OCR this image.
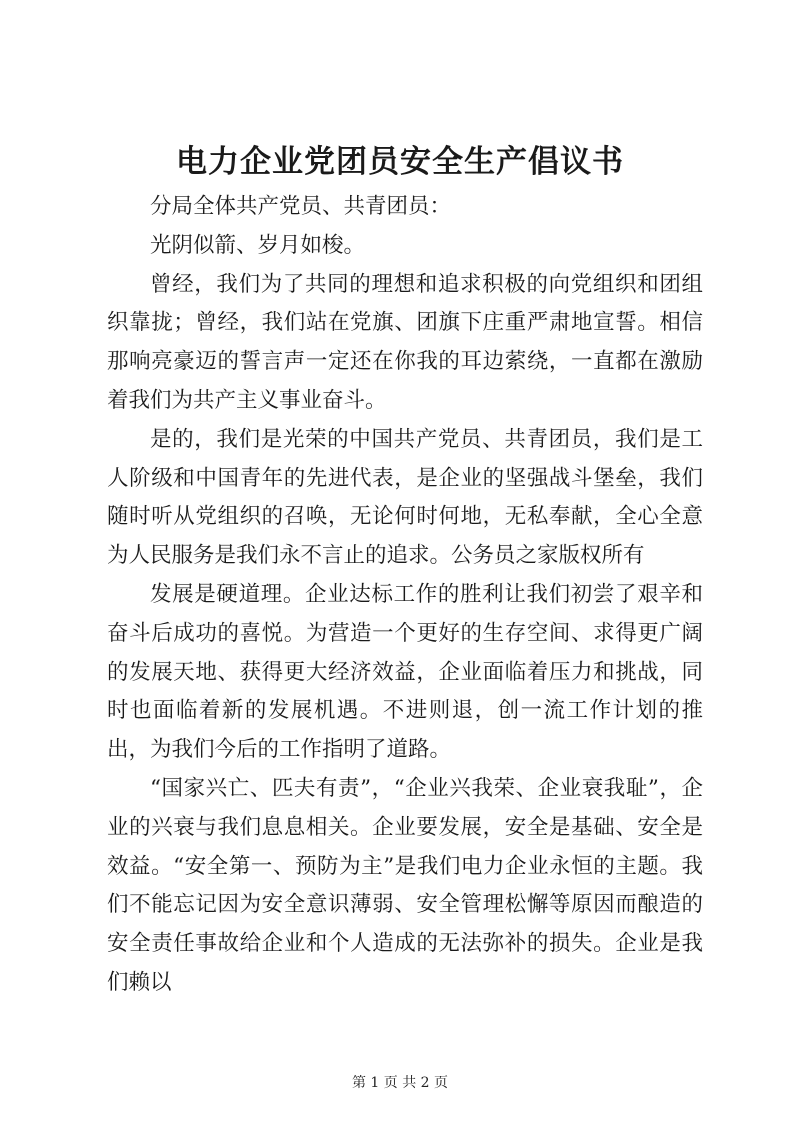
电力企业党团员安全生产倡议书

分局全体共产党员、共青团员：

光阴似箭、岁月如梭。

曾经，我们为了共同的理想和追求积极的向党组织和团组织靠拢；曾经，我们站在党旗、团旗下庄重严肃地宣誓。相信那响亮豪迈的誓言声一定还在你我的耳边萦绕，一直都在激励着我们为共产主义事业奋斗。

是的，我们是光荣的中国共产党员、共青团员，我们是工人阶级和中国青年的先进代表，是企业的坚强战斗堡垒，我们随时听从党组织的召唤，无论何时何地，无私奉献，全心全意为人民服务是我们永不言止的追求。公务员之家版权所有

发展是硬道理。企业达标工作的胜利让我们初尝了艰辛和奋斗后成功的喜悦。为营造一个更好的生存空间、求得更广阔的发展天地、获得更大经济效益，企业面临着压力和挑战，同时也面临着新的发展机遇。不进则退，创一流工作计划的推出，为我们今后的工作指明了道路。

“国家兴亡、匹夫有责”，“企业兴我荣、企业衰我耻”，企业的兴衰与我们息息相关。企业要发展，安全是基础、安全是效益。“安全第一、预防为主”是我们电力企业永恒的主题。我们不能忘记因为安全意识薄弱、安全管理松懈等原因而酿造的安全责任事故给企业和个人造成的无法弥补的损失。企业是我们赖以

第 1 页 共 2 页
